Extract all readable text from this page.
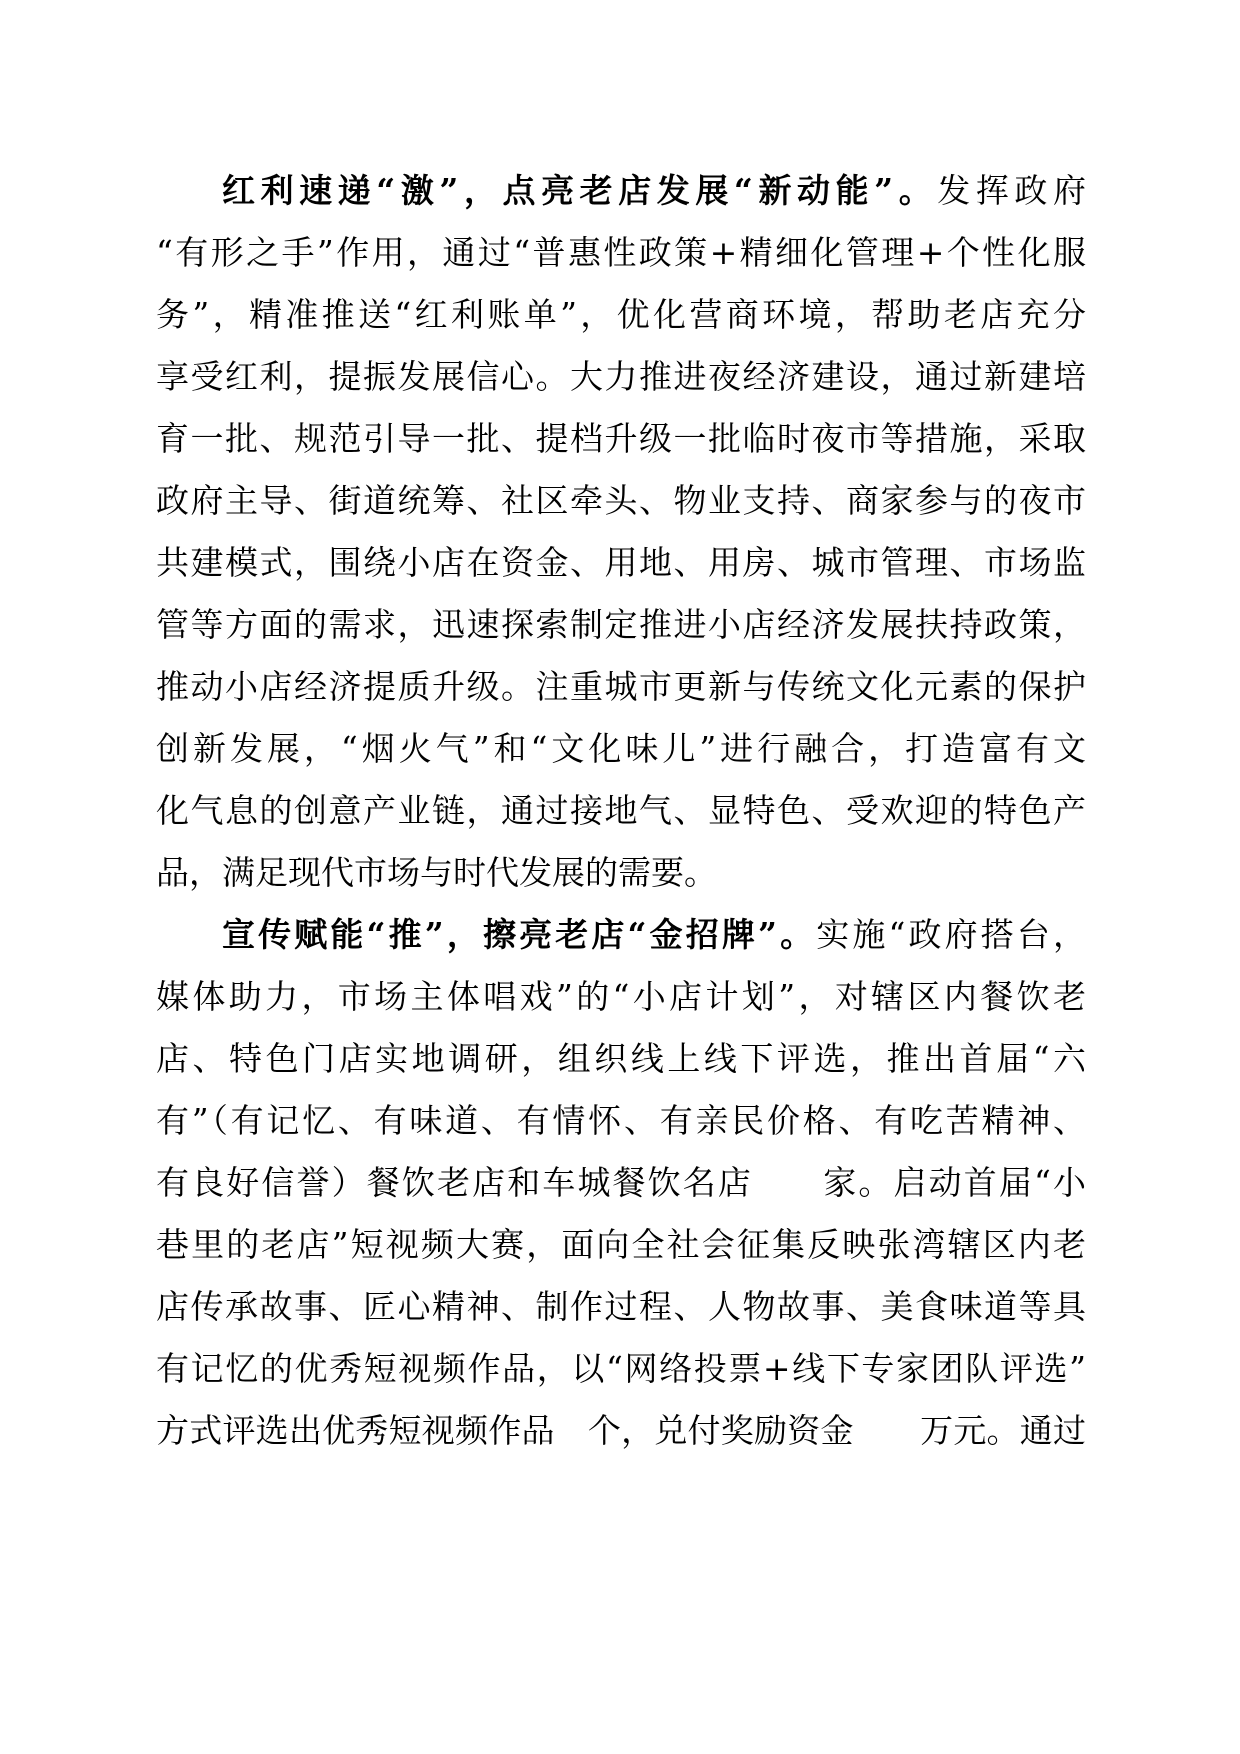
红利速递“激”，点亮老店发展“新动能”。发挥政府
“有形之手”作用，通过“普惠性政策+精细化管理+个性化服
务”，精准推送“红利账单”，优化营商环境，帮助老店充分
享受红利，提振发展信心。大力推进夜经济建设，通过新建培
育一批、规范引导一批、提档升级一批临时夜市等措施，采取
政府主导、街道统筹、社区牵头、物业支持、商家参与的夜市
共建模式，围绕小店在资金、用地、用房、城市管理、市场监
管等方面的需求，迅速探索制定推进小店经济发展扶持政策，
推动小店经济提质升级。注重城市更新与传统文化元素的保护
创新发展，“烟火气”和“文化味儿”进行融合，打造富有文
化气息的创意产业链，通过接地气、显特色、受欢迎的特色产
品，满足现代市场与时代发展的需要。
宣传赋能“推”，擦亮老店“金招牌”。实施“政府搭台，
媒体助力，市场主体唱戏”的“小店计划”，对辖区内餐饮老
店、特色门店实地调研，组织线上线下评选，推出首届“六
有”（有记忆、有味道、有情怀、有亲民价格、有吃苦精神、
有良好信誉）餐饮老店和车城餐饮名店　　家。启动首届“小
巷里的老店”短视频大赛，面向全社会征集反映张湾辖区内老
店传承故事、匠心精神、制作过程、人物故事、美食味道等具
有记忆的优秀短视频作品，以“网络投票+线下专家团队评选”
方式评选出优秀短视频作品　个，兑付奖励资金　　万元。通过
